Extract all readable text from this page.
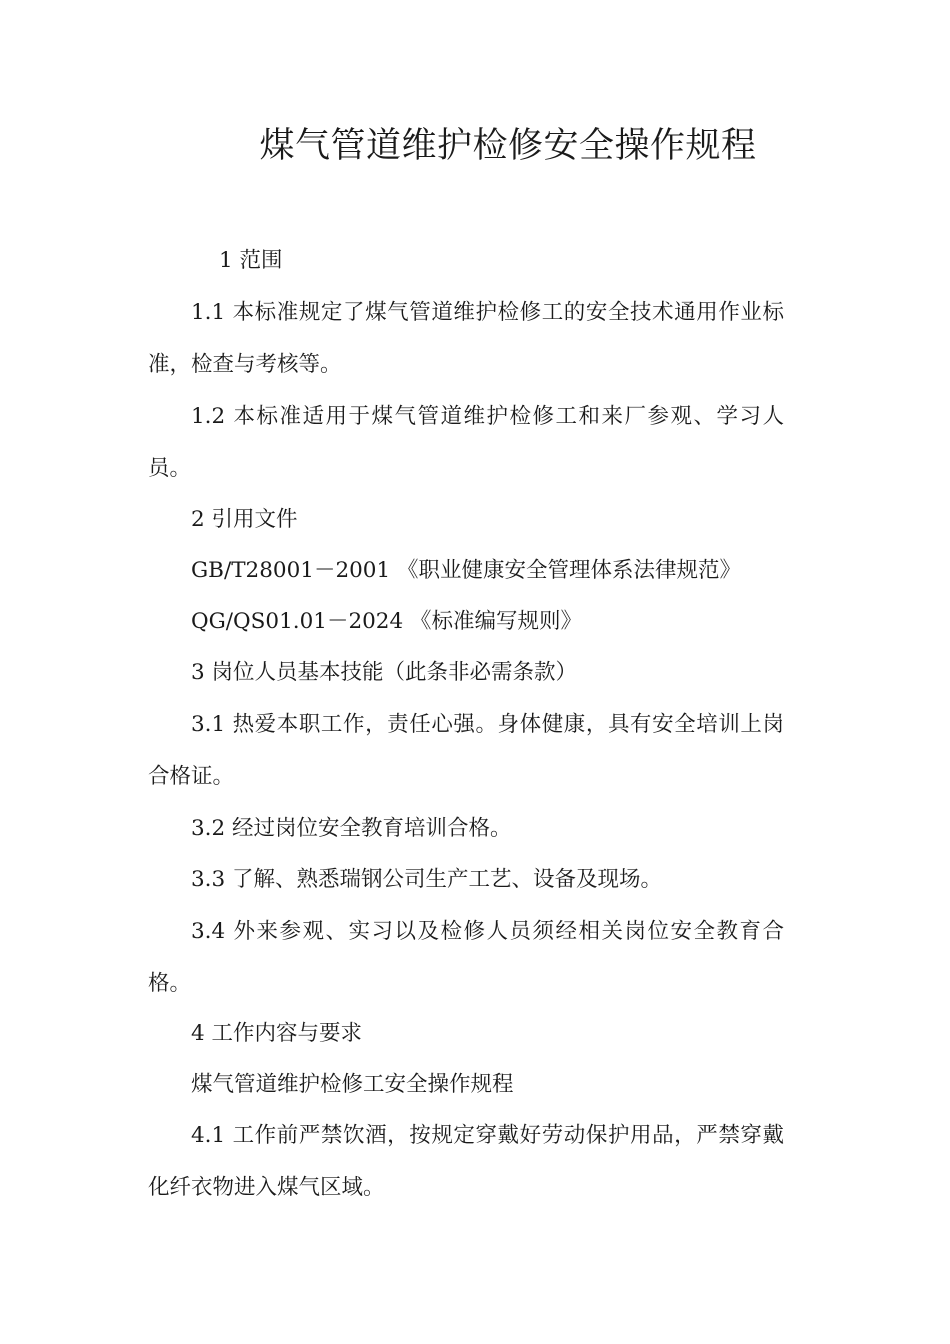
煤气管道维护检修安全操作规程

1 范围

1.1 本标准规定了煤气管道维护检修工的安全技术通用作业标准，检查与考核等。

1.2 本标准适用于煤气管道维护检修工和来厂参观、学习人员。

2 引用文件

GB/T28001－2001 《职业健康安全管理体系法律规范》

QG/QS01.01－2024 《标准编写规则》

3 岗位人员基本技能（此条非必需条款）

3.1 热爱本职工作，责任心强。身体健康，具有安全培训上岗合格证。

3.2 经过岗位安全教育培训合格。

3.3 了解、熟悉瑞钢公司生产工艺、设备及现场。

3.4 外来参观、实习以及检修人员须经相关岗位安全教育合格。

4 工作内容与要求

煤气管道维护检修工安全操作规程

4.1 工作前严禁饮酒，按规定穿戴好劳动保护用品，严禁穿戴化纤衣物进入煤气区域。
